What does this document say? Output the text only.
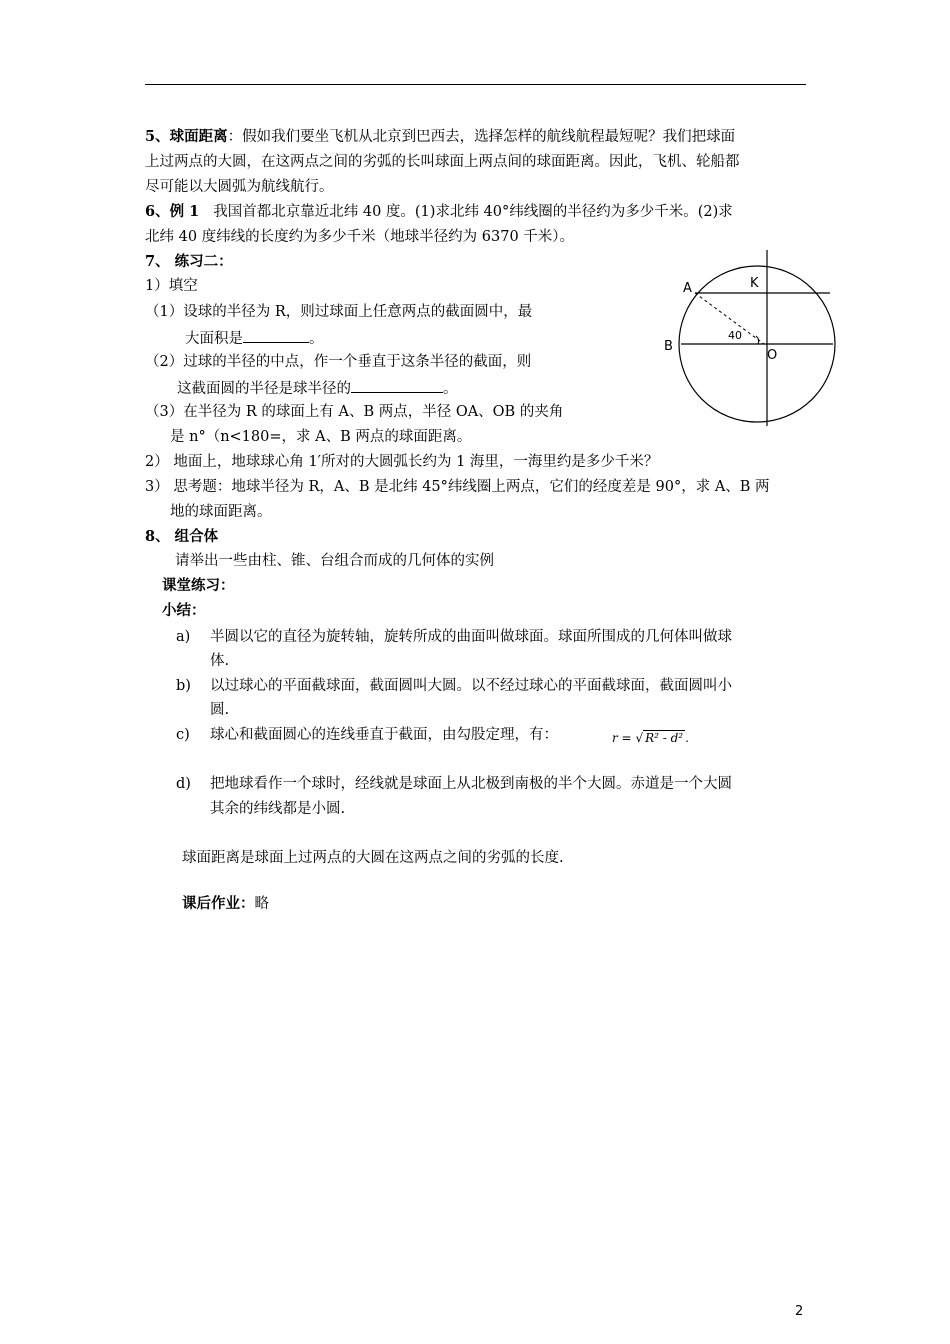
5、球面距离：假如我们要坐飞机从北京到巴西去，选择怎样的航线航程最短呢？我们把球面
上过两点的大圆，在这两点之间的劣弧的长叫球面上两点间的球面距离。因此，飞机、轮船都
尽可能以大圆弧为航线航行。
6、例 1 我国首都北京靠近北纬 40 度。(1)求北纬 40°纬线圈的半径约为多少千米。(2)求
北纬 40 度纬线的长度约为多少千米（地球半径约为 6370 千米）。
7、 练习二：
1）填空
（1）设球的半径为 R，则过球面上任意两点的截面圆中，最
大面积是	。
（2）过球的半径的中点，作一个垂直于这条半径的截面，则
这截面圆的半径是球半径的	。
（3）在半径为 R 的球面上有 A、B 两点，半径 OA、OB 的夹角
是 n°（n<180=，求 A、B 两点的球面距离。
2） 地面上，地球球心角 1′所对的大圆弧长约为 1 海里，一海里约是多少千米？
3） 思考题：地球半径为 R，A、B 是北纬 45°纬线圈上两点，它们的经度差是 90°，求 A、B 两
地的球面距离。
A	K
B
O
40
8、 组合体
请举出一些由柱、锥、台组合而成的几何体的实例
课堂练习：
小结：
a) 半圆以它的直径为旋转轴，旋转所成的曲面叫做球面。球面所围成的几何体叫做球
体.
b) 以过球心的平面截球面，截面圆叫大圆。以不经过球心的平面截球面，截面圆叫小
圆.
c) 球心和截面圆心的连线垂直于截面，由勾股定理，有：	r = √ R² - d² .
d) 把地球看作一个球时，经线就是球面上从北极到南极的半个大圆。赤道是一个大圆
其余的纬线都是小圆.
球面距离是球面上过两点的大圆在这两点之间的劣弧的长度.
课后作业：略
2
